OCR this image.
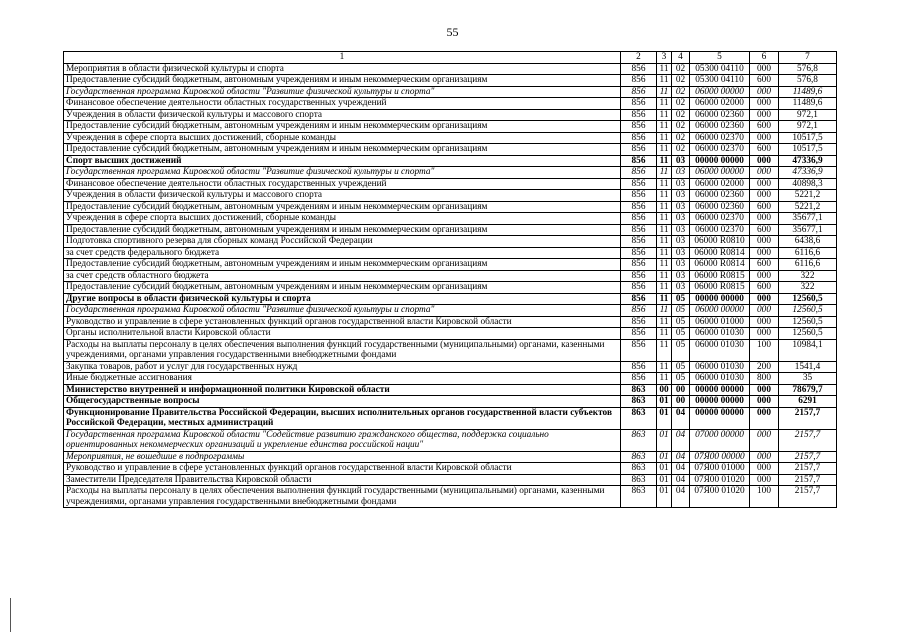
55
1	2	3	4	5	6	7
Мероприятия в области физической культуры и спорта	856	11	02	05300 04110	000	576,8
Предоставление субсидий бюджетным, автономным учреждениям и иным некоммерческим организациям	856	11	02	05300 04110	600	576,8
Государственная программа Кировской области "Развитие физической культуры и спорта"	856	11	02	06000 00000	000	11489,6
Финансовое обеспечение деятельности областных государственных учреждений	856	11	02	06000 02000	000	11489,6
Учреждения в области физической культуры и массового спорта	856	11	02	06000 02360	000	972,1
Предоставление субсидий бюджетным, автономным учреждениям и иным некоммерческим организациям	856	11	02	06000 02360	600	972,1
Учреждения в сфере спорта высших достижений, сборные команды	856	11	02	06000 02370	000	10517,5
Предоставление субсидий бюджетным, автономным учреждениям и иным некоммерческим организациям	856	11	02	06000 02370	600	10517,5
Спорт высших достижений	856	11	03	00000 00000	000	47336,9
Государственная программа Кировской области "Развитие физической культуры и спорта"	856	11	03	06000 00000	000	47336,9
Финансовое обеспечение деятельности областных государственных учреждений	856	11	03	06000 02000	000	40898,3
Учреждения в области физической культуры и массового спорта	856	11	03	06000 02360	000	5221,2
Предоставление субсидий бюджетным, автономным учреждениям и иным некоммерческим организациям	856	11	03	06000 02360	600	5221,2
Учреждения в сфере спорта высших достижений, сборные команды	856	11	03	06000 02370	000	35677,1
Предоставление субсидий бюджетным, автономным учреждениям и иным некоммерческим организациям	856	11	03	06000 02370	600	35677,1
Подготовка спортивного резерва для сборных команд Российской Федерации	856	11	03	06000 R0810	000	6438,6
за счет средств федерального бюджета	856	11	03	06000 R0814	000	6116,6
Предоставление субсидий бюджетным, автономным учреждениям и иным некоммерческим организациям	856	11	03	06000 R0814	600	6116,6
за счет средств областного бюджета	856	11	03	06000 R0815	000	322
Предоставление субсидий бюджетным, автономным учреждениям и иным некоммерческим организациям	856	11	03	06000 R0815	600	322
Другие вопросы в области физической культуры и спорта	856	11	05	00000 00000	000	12560,5
Государственная программа Кировской области "Развитие физической культуры и спорта"	856	11	05	06000 00000	000	12560,5
Руководство и управление в сфере установленных функций органов государственной власти Кировской области	856	11	05	06000 01000	000	12560,5
Органы исполнительной власти Кировской области	856	11	05	06000 01030	000	12560,5
Расходы на выплаты персоналу в целях обеспечения выполнения функций государственными (муниципальными) органами, казенными учреждениями, органами управления государственными внебюджетными фондами	856	11	05	06000 01030	100	10984,1
Закупка товаров, работ и услуг для государственных нужд	856	11	05	06000 01030	200	1541,4
Иные бюджетные ассигнования	856	11	05	06000 01030	800	35
Министерство внутренней и информационной политики Кировской области	863	00	00	00000 00000	000	78679,7
Общегосударственные вопросы	863	01	00	00000 00000	000	6291
Функционирование Правительства Российской Федерации, высших исполнительных органов государственной власти субъектов Российской Федерации, местных администраций	863	01	04	00000 00000	000	2157,7
Государственная программа Кировской области "Содействие развитию гражданского общества, поддержка социально ориентированных некоммерческих организаций и укрепление единства российской нации"	863	01	04	07000 00000	000	2157,7
Мероприятия, не вошедшие в подпрограммы	863	01	04	07Я00 00000	000	2157,7
Руководство и управление в сфере установленных функций органов государственной власти Кировской области	863	01	04	07Я00 01000	000	2157,7
Заместители Председателя Правительства Кировской области	863	01	04	07Я00 01020	000	2157,7
Расходы на выплаты персоналу в целях обеспечения выполнения функций государственными (муниципальными) органами, казенными учреждениями, органами управления государственными внебюджетными фондами	863	01	04	07Я00 01020	100	2157,7
